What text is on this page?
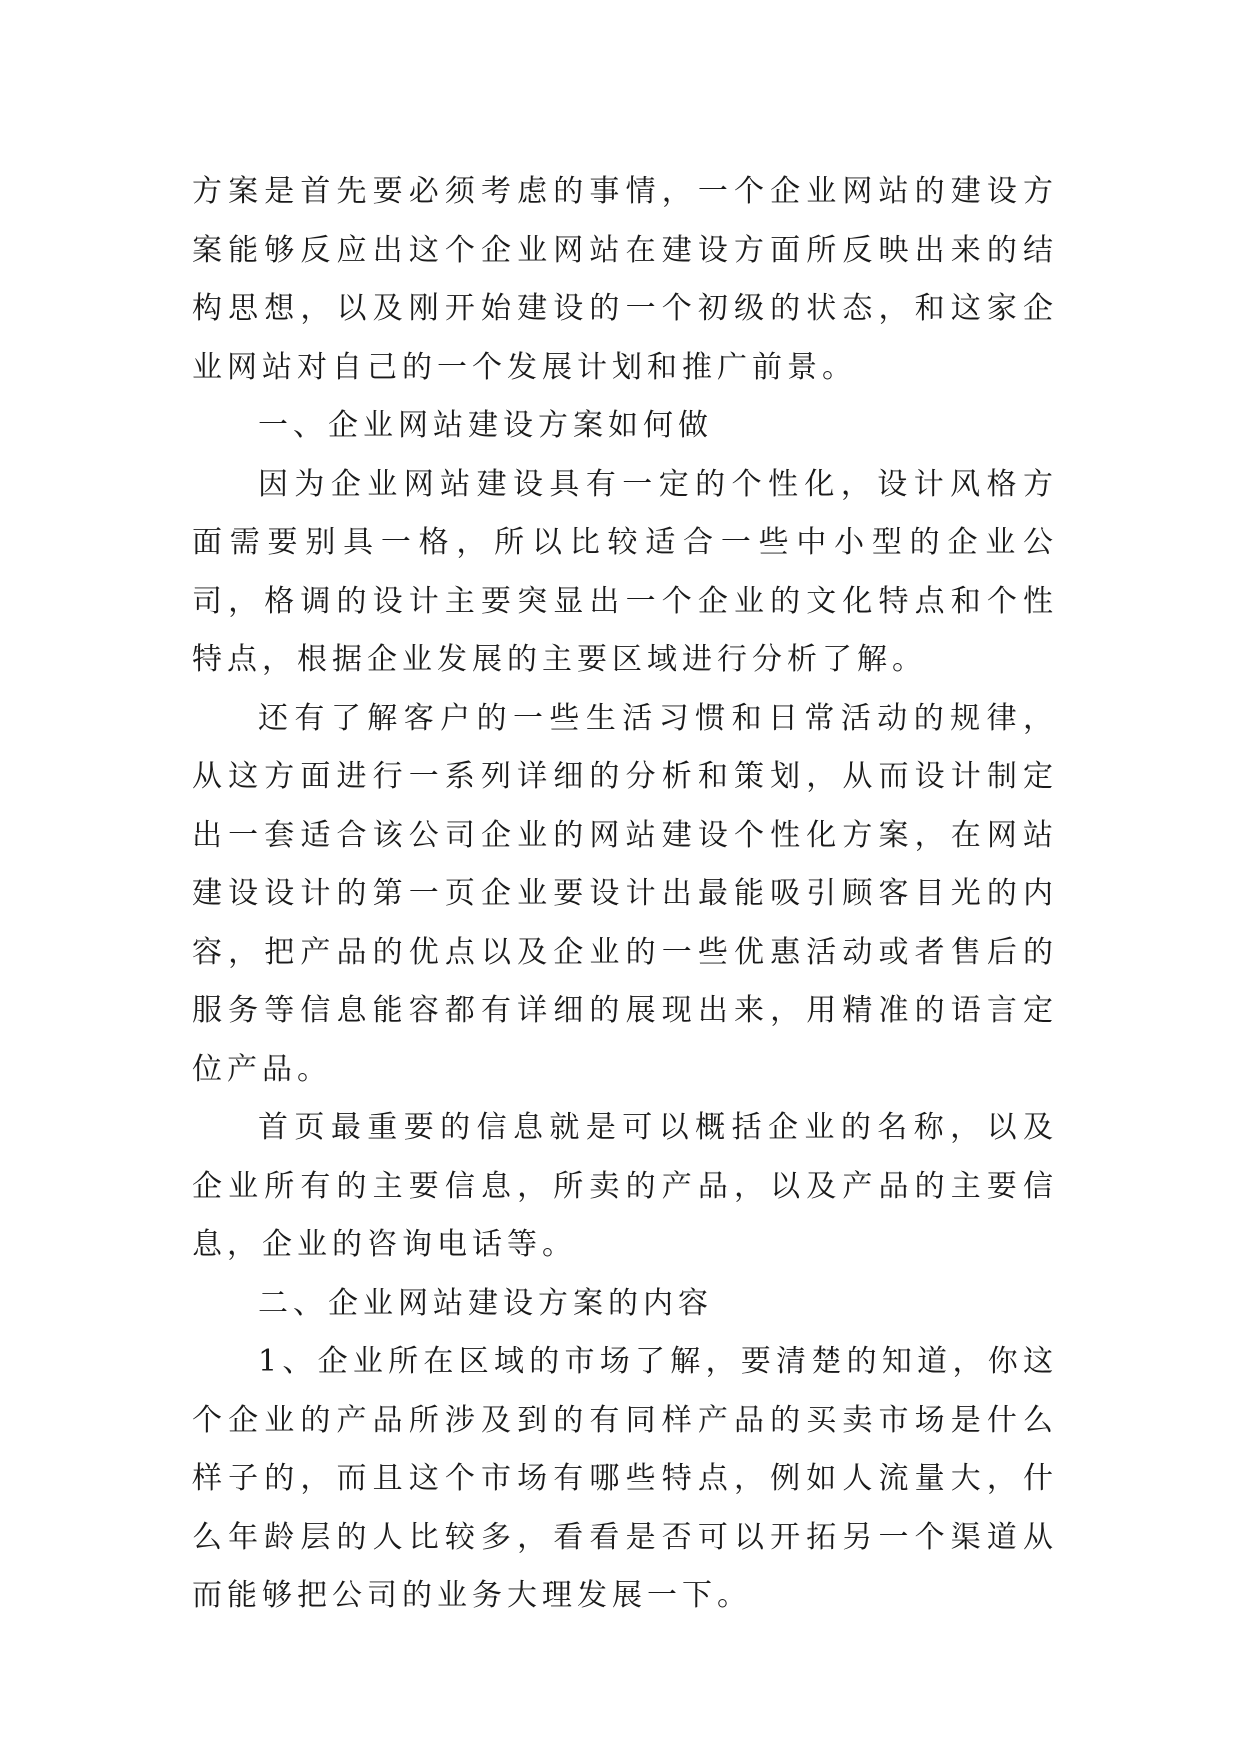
方案是首先要必须考虑的事情，一个企业网站的建设方案能够反应出这个企业网站在建设方面所反映出来的结构思想，以及刚开始建设的一个初级的状态，和这家企业网站对自己的一个发展计划和推广前景。

一、企业网站建设方案如何做

因为企业网站建设具有一定的个性化，设计风格方面需要别具一格，所以比较适合一些中小型的企业公司，格调的设计主要突显出一个企业的文化特点和个性特点，根据企业发展的主要区域进行分析了解。

还有了解客户的一些生活习惯和日常活动的规律，从这方面进行一系列详细的分析和策划，从而设计制定出一套适合该公司企业的网站建设个性化方案，在网站建设设计的第一页企业要设计出最能吸引顾客目光的内容，把产品的优点以及企业的一些优惠活动或者售后的服务等信息能容都有详细的展现出来，用精准的语言定位产品。

首页最重要的信息就是可以概括企业的名称，以及企业所有的主要信息，所卖的产品，以及产品的主要信息，企业的咨询电话等。

二、企业网站建设方案的内容

1、企业所在区域的市场了解，要清楚的知道，你这个企业的产品所涉及到的有同样产品的买卖市场是什么样子的，而且这个市场有哪些特点，例如人流量大，什么年龄层的人比较多，看看是否可以开拓另一个渠道从而能够把公司的业务大理发展一下。
